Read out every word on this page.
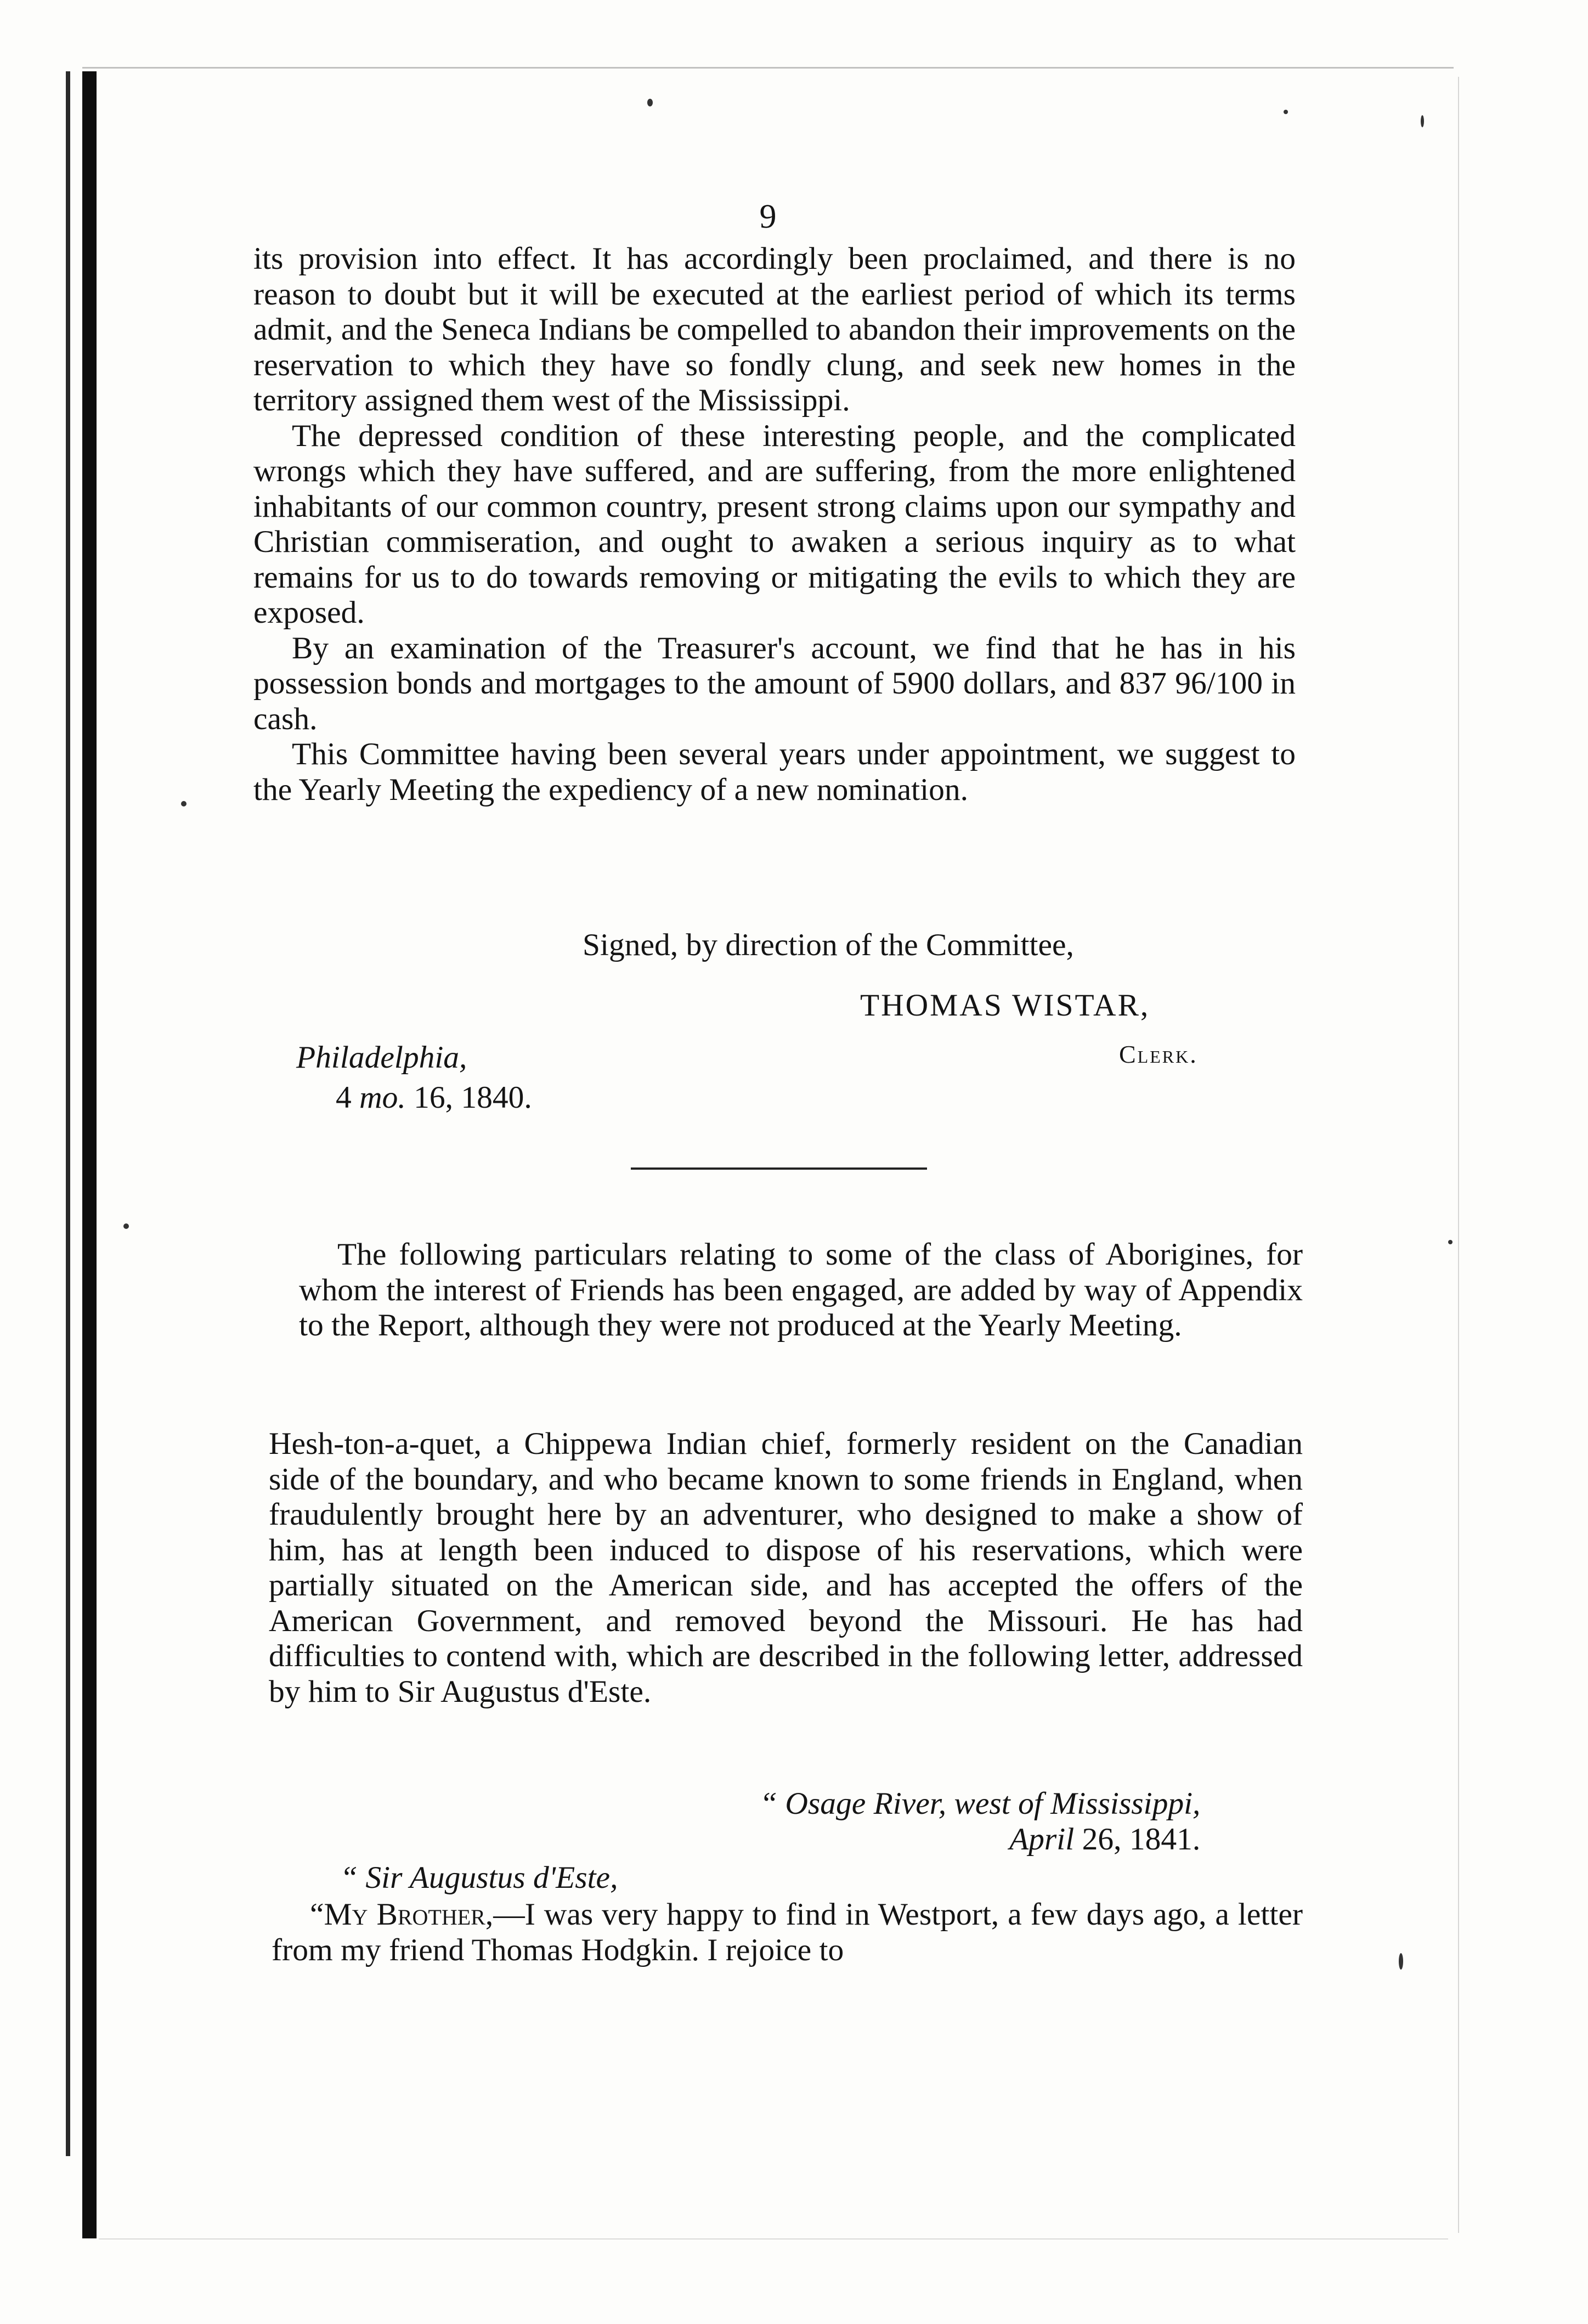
9

its provision into effect. It has accordingly been proclaimed, and there is no reason to doubt but it will be executed at the earliest period of which its terms admit, and the Seneca Indians be compelled to abandon their improvements on the reservation to which they have so fondly clung, and seek new homes in the territory assigned them west of the Mississippi.

The depressed condition of these interesting people, and the complicated wrongs which they have suffered, and are suffering, from the more enlightened inhabitants of our common country, present strong claims upon our sympathy and Christian commiseration, and ought to awaken a serious inquiry as to what remains for us to do towards removing or mitigating the evils to which they are exposed.

By an examination of the Treasurer's account, we find that he has in his possession bonds and mortgages to the amount of 5900 dollars, and 837 96/100 in cash.

This Committee having been several years under appointment, we suggest to the Yearly Meeting the expediency of a new nomination.

Signed, by direction of the Committee,
THOMAS WISTAR,
Philadelphia,	Clerk.
4 mo. 16, 1840.

The following particulars relating to some of the class of Aborigines, for whom the interest of Friends has been engaged, are added by way of Appendix to the Report, although they were not produced at the Yearly Meeting.

Hesh-ton-a-quet, a Chippewa Indian chief, formerly resident on the Canadian side of the boundary, and who became known to some friends in England, when fraudulently brought here by an adventurer, who designed to make a show of him, has at length been induced to dispose of his reservations, which were partially situated on the American side, and has accepted the offers of the American Government, and removed beyond the Missouri. He has had difficulties to contend with, which are described in the following letter, addressed by him to Sir Augustus d'Este.

“ Osage River, west of Mississippi,
April 26, 1841.
“ Sir Augustus d'Este,

“My Brother,—I was very happy to find in Westport, a few days ago, a letter from my friend Thomas Hodgkin. I rejoice to
